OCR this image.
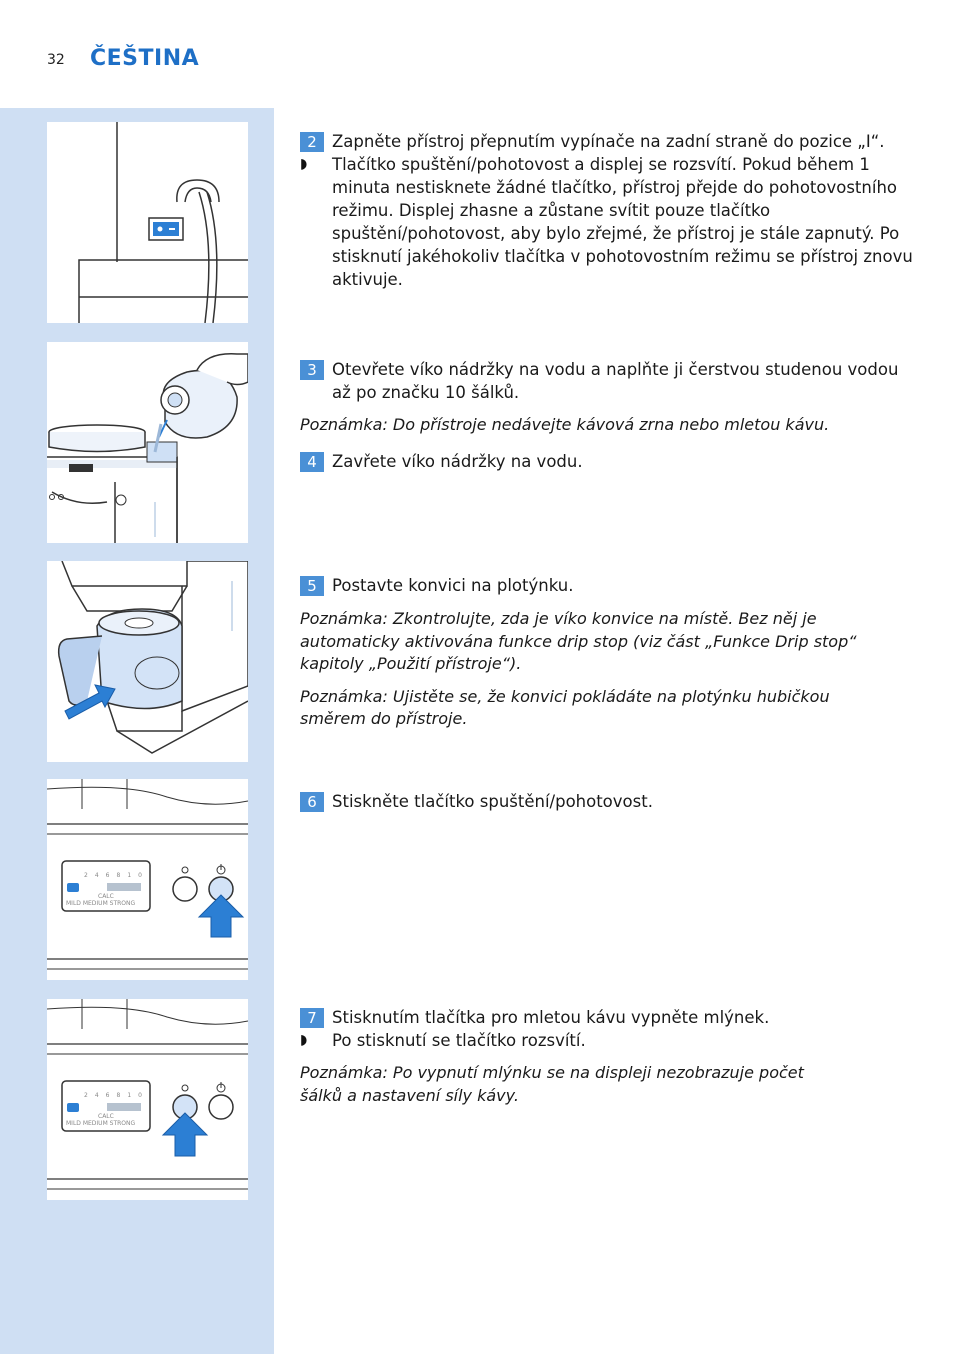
32 ČEŠTINA
246810
CALC
MILD MEDIUM STRONG
246810
CALC
MILD MEDIUM STRONG
2 Zapněte přístroj přepnutím vypínače na zadní straně do pozice „I“.
◗ Tlačítko spuštění/pohotovost a displej se rozsvítí. Pokud během 1 minuta nestisknete žádné tlačítko, přístroj přejde do pohotovostního režimu. Displej zhasne a zůstane svítit pouze tlačítko spuštění/pohotovost, aby bylo zřejmé, že přístroj je stále zapnutý. Po stisknutí jakéhokoliv tlačítka v pohotovostním režimu se přístroj znovu aktivuje.
3 Otevřete víko nádržky na vodu a naplňte ji čerstvou studenou vodou až po značku 10 šálků.
Poznámka: Do přístroje nedávejte kávová zrna nebo mletou kávu.
4 Zavřete víko nádržky na vodu.
5 Postavte konvici na plotýnku.
Poznámka: Zkontrolujte, zda je víko konvice na místě. Bez něj je automaticky aktivována funkce drip stop (viz část „Funkce Drip stop“ kapitoly „Použití přístroje“).
Poznámka: Ujistěte se, že konvici pokládáte na plotýnku hubičkou směrem do přístroje.
6 Stiskněte tlačítko spuštění/pohotovost.
7 Stisknutím tlačítka pro mletou kávu vypněte mlýnek.
◗ Po stisknutí se tlačítko rozsvítí.
Poznámka: Po vypnutí mlýnku se na displeji nezobrazuje počet šálků a nastavení síly kávy.
